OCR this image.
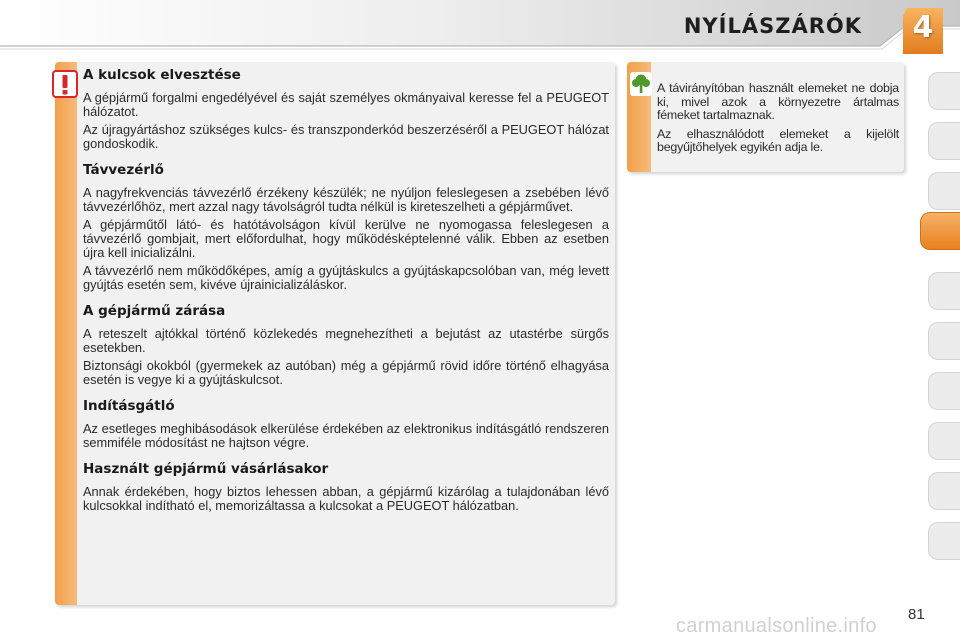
NYÍLÁSZÁRÓK	4
A kulcsok elvesztése

A gépjármű forgalmi engedélyével és saját személyes okmányaival keresse fel a PEUGEOT hálózatot.

Az újragyártáshoz szükséges kulcs- és transzponderkód beszerzéséről a PEUGEOT hálózat gondoskodik.

Távvezérlő

A nagyfrekvenciás távvezérlő érzékeny készülék; ne nyúljon feleslegesen a zsebében lévő távvezérlőhöz, mert azzal nagy távolságról tudta nélkül is kireteszelheti a gépjárművet.

A gépjárműtől látó- és hatótávolságon kívül kerülve ne nyomogassa feleslegesen a távvezérlő gombjait, mert előfordulhat, hogy működésképtelenné válik. Ebben az esetben újra kell inicializálni.

A távvezérlő nem működőképes, amíg a gyújtáskulcs a gyújtáskapcsolóban van, még levett gyújtás esetén sem, kivéve újrainicializáláskor.

A gépjármű zárása

A reteszelt ajtókkal történő közlekedés megnehezítheti a bejutást az utastérbe sürgős esetekben.

Biztonsági okokból (gyermekek az autóban) még a gépjármű rövid időre történő elhagyása esetén is vegye ki a gyújtáskulcsot.

Indításgátló

Az esetleges meghibásodások elkerülése érdekében az elektronikus indításgátló rendszeren semmiféle módosítást ne hajtson végre.

Használt gépjármű vásárlásakor

Annak érdekében, hogy biztos lehessen abban, a gépjármű kizárólag a tulajdonában lévő kulcsokkal indítható el, memorizáltassa a kulcsokat a PEUGEOT hálózatban.

A távirányítóban használt elemeket ne dobja ki, mivel azok a környezetre ártalmas fémeket tartalmaznak.

Az elhasználódott elemeket a kijelölt begyűjtőhelyek egyikén adja le.

81
carmanualsonline.info
